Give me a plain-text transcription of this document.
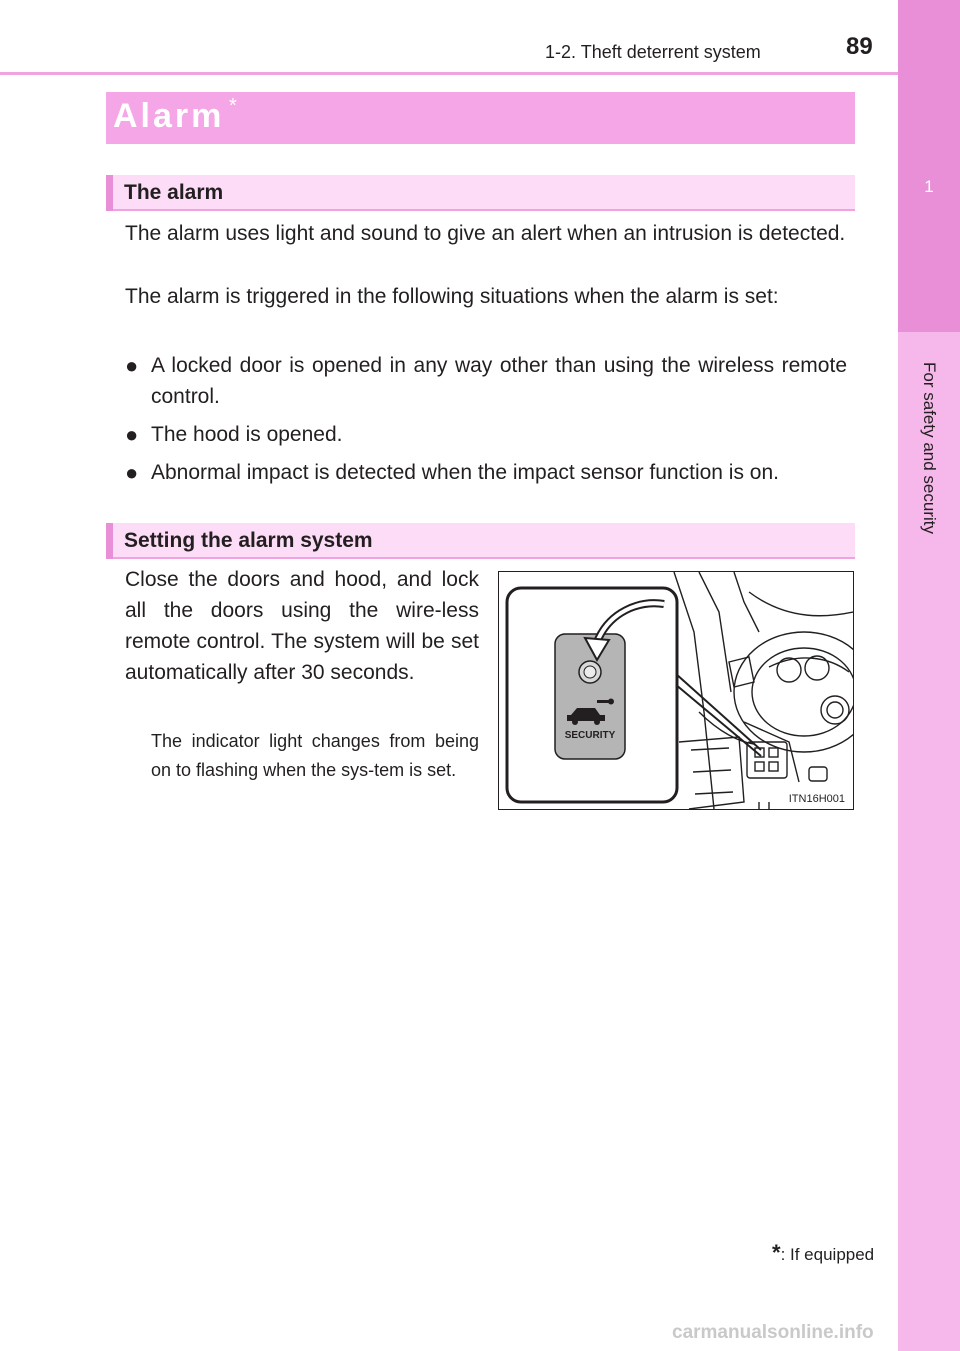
1
For safety and security
1-2. Theft deterrent system	89
Alarm *
The alarm

The alarm uses light and sound to give an alert when an intrusion is detected.

The alarm is triggered in the following situations when the alarm is set:

● A locked door is opened in any way other than using the wireless remote control.
● The hood is opened.
● Abnormal impact is detected when the impact sensor function is on.
Setting the alarm system

Close the doors and hood, and lock all the doors using the wire-less remote control. The system will be set automatically after 30 seconds.

The indicator light changes from being on to flashing when the sys-tem is set.

SECURITY
ITN16H001
*: If equipped
carmanualsonline.info
